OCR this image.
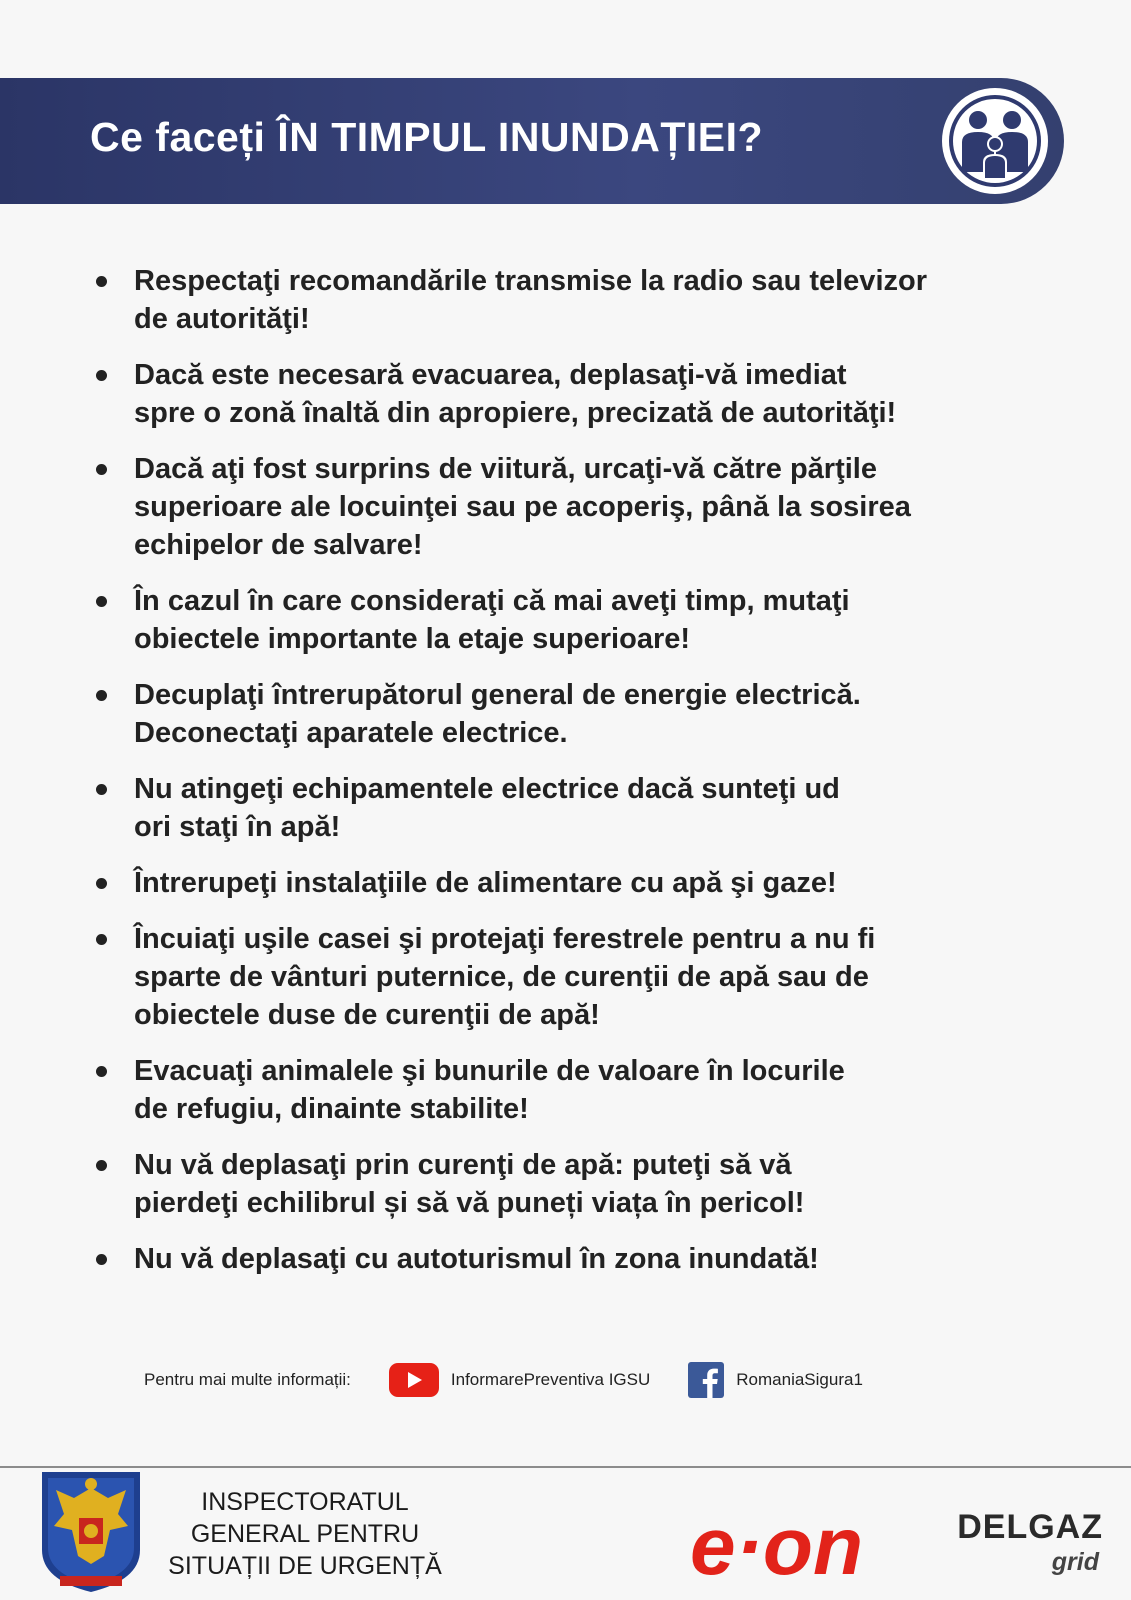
Ce faceți ÎN TIMPUL INUNDAȚIEI?
Respectaţi recomandările transmise la radio sau televizor
de autorităţi!
Dacă este necesară evacuarea, deplasaţi-vă imediat
spre o zonă înaltă din apropiere, precizată de autorităţi!
Dacă aţi fost surprins de viitură, urcaţi-vă către părţile
superioare ale locuinţei sau pe acoperiş, până la sosirea
echipelor de salvare!
În cazul în care consideraţi că mai aveţi timp, mutaţi
obiectele importante la etaje superioare!
Decuplaţi întrerupătorul general de energie electrică.
Deconectaţi aparatele electrice.
Nu atingeţi echipamentele electrice dacă sunteţi ud
ori staţi în apă!
Întrerupeţi instalaţiile de alimentare cu apă şi gaze!
Încuiaţi uşile casei şi protejaţi ferestrele pentru a nu fi
sparte de vânturi puternice, de curenţii de apă sau de
obiectele duse de curenţii de apă!
Evacuaţi animalele şi bunurile de valoare în locurile
de refugiu, dinainte stabilite!
Nu vă deplasaţi prin curenţi de apă: puteţi să vă
pierdeţi echilibrul și să vă puneți viața în pericol!
Nu vă deplasaţi cu autoturismul în zona inundată!
Pentru mai multe informații:	InformarePreventiva IGSU	RomaniaSigura1
INSPECTORATUL
GENERAL PENTRU
SITUAȚII DE URGENȚĂ	e·on	DELGAZ
grid
